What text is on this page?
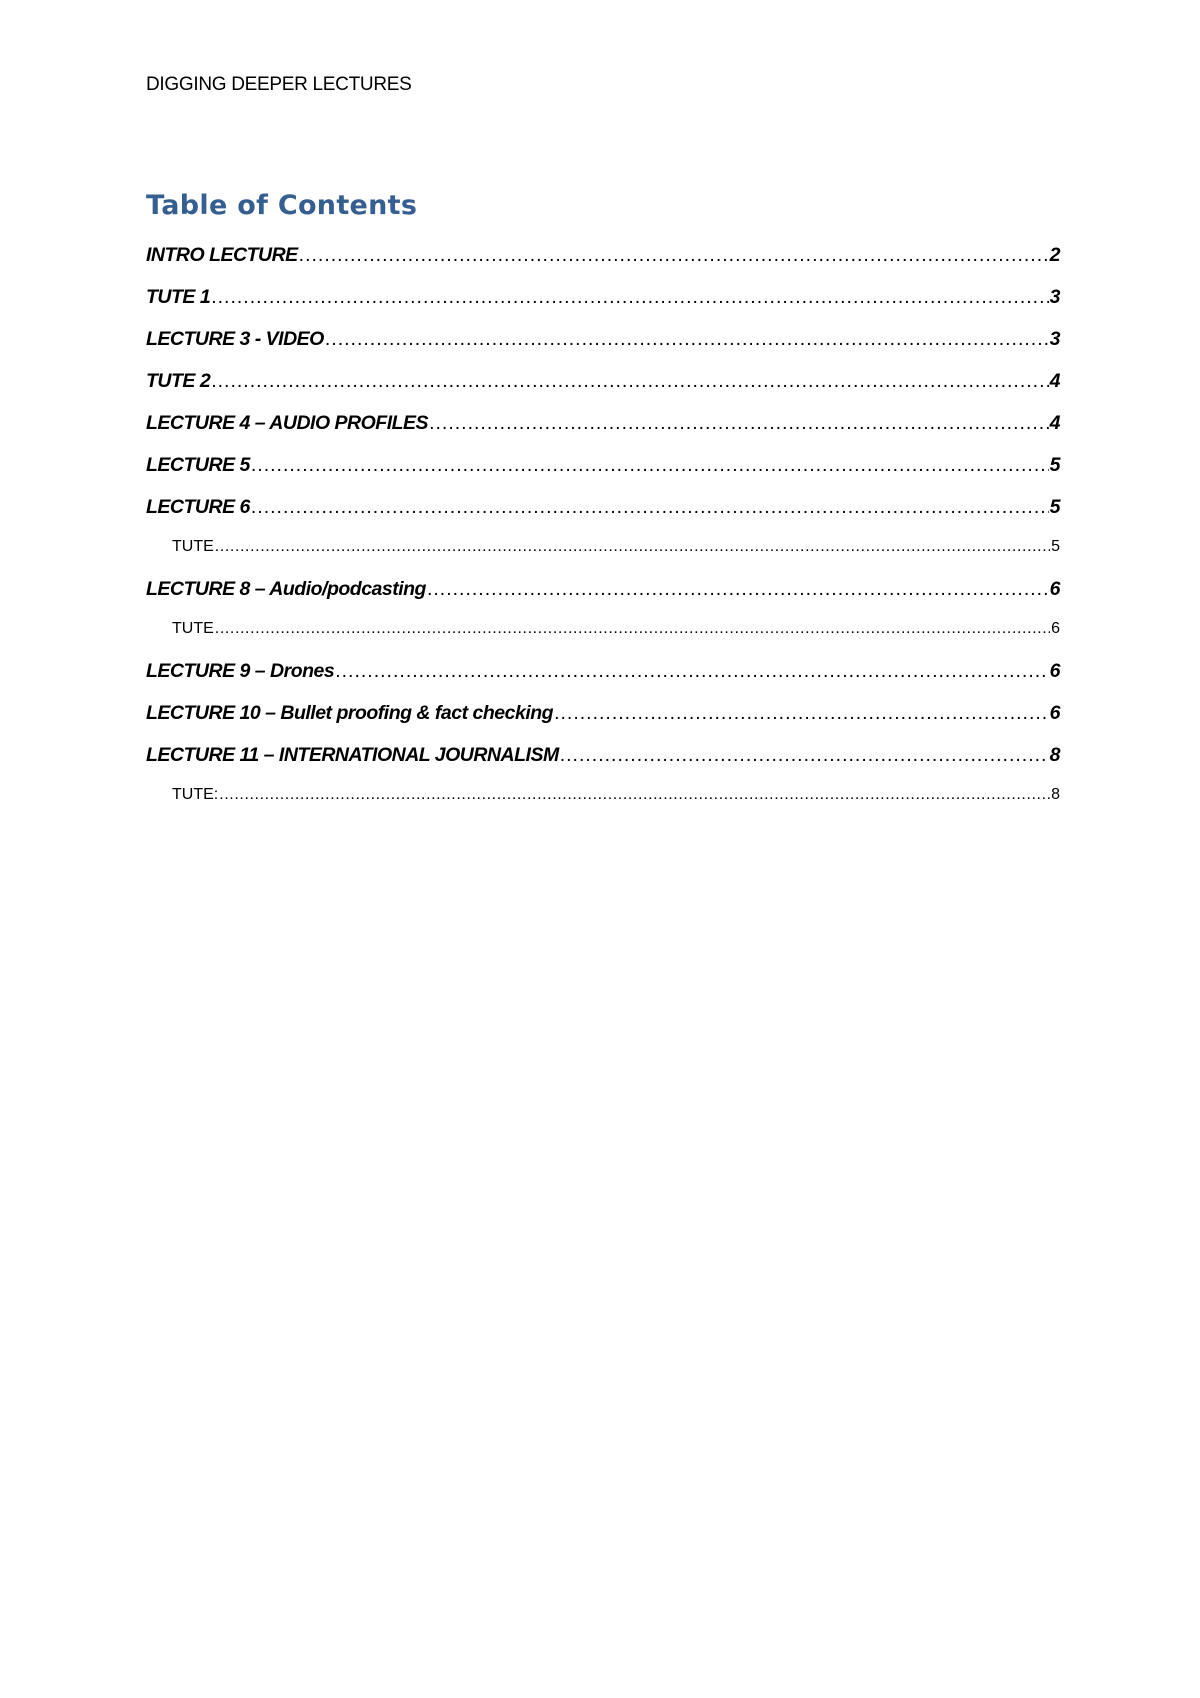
DIGGING DEEPER LECTURES
Table of Contents
INTRO LECTURE .....	2
TUTE 1 .....	3
LECTURE 3 - VIDEO .....	3
TUTE 2 .....	4
LECTURE 4 – AUDIO PROFILES .....	4
LECTURE 5 .....	5
LECTURE 6 .....	5
TUTE .....	5
LECTURE 8 – Audio/podcasting .....	6
TUTE .....	6
LECTURE 9 – Drones .....	6
LECTURE 10 – Bullet proofing & fact checking .....	6
LECTURE 11 – INTERNATIONAL JOURNALISM .....	8
TUTE: .....	8
